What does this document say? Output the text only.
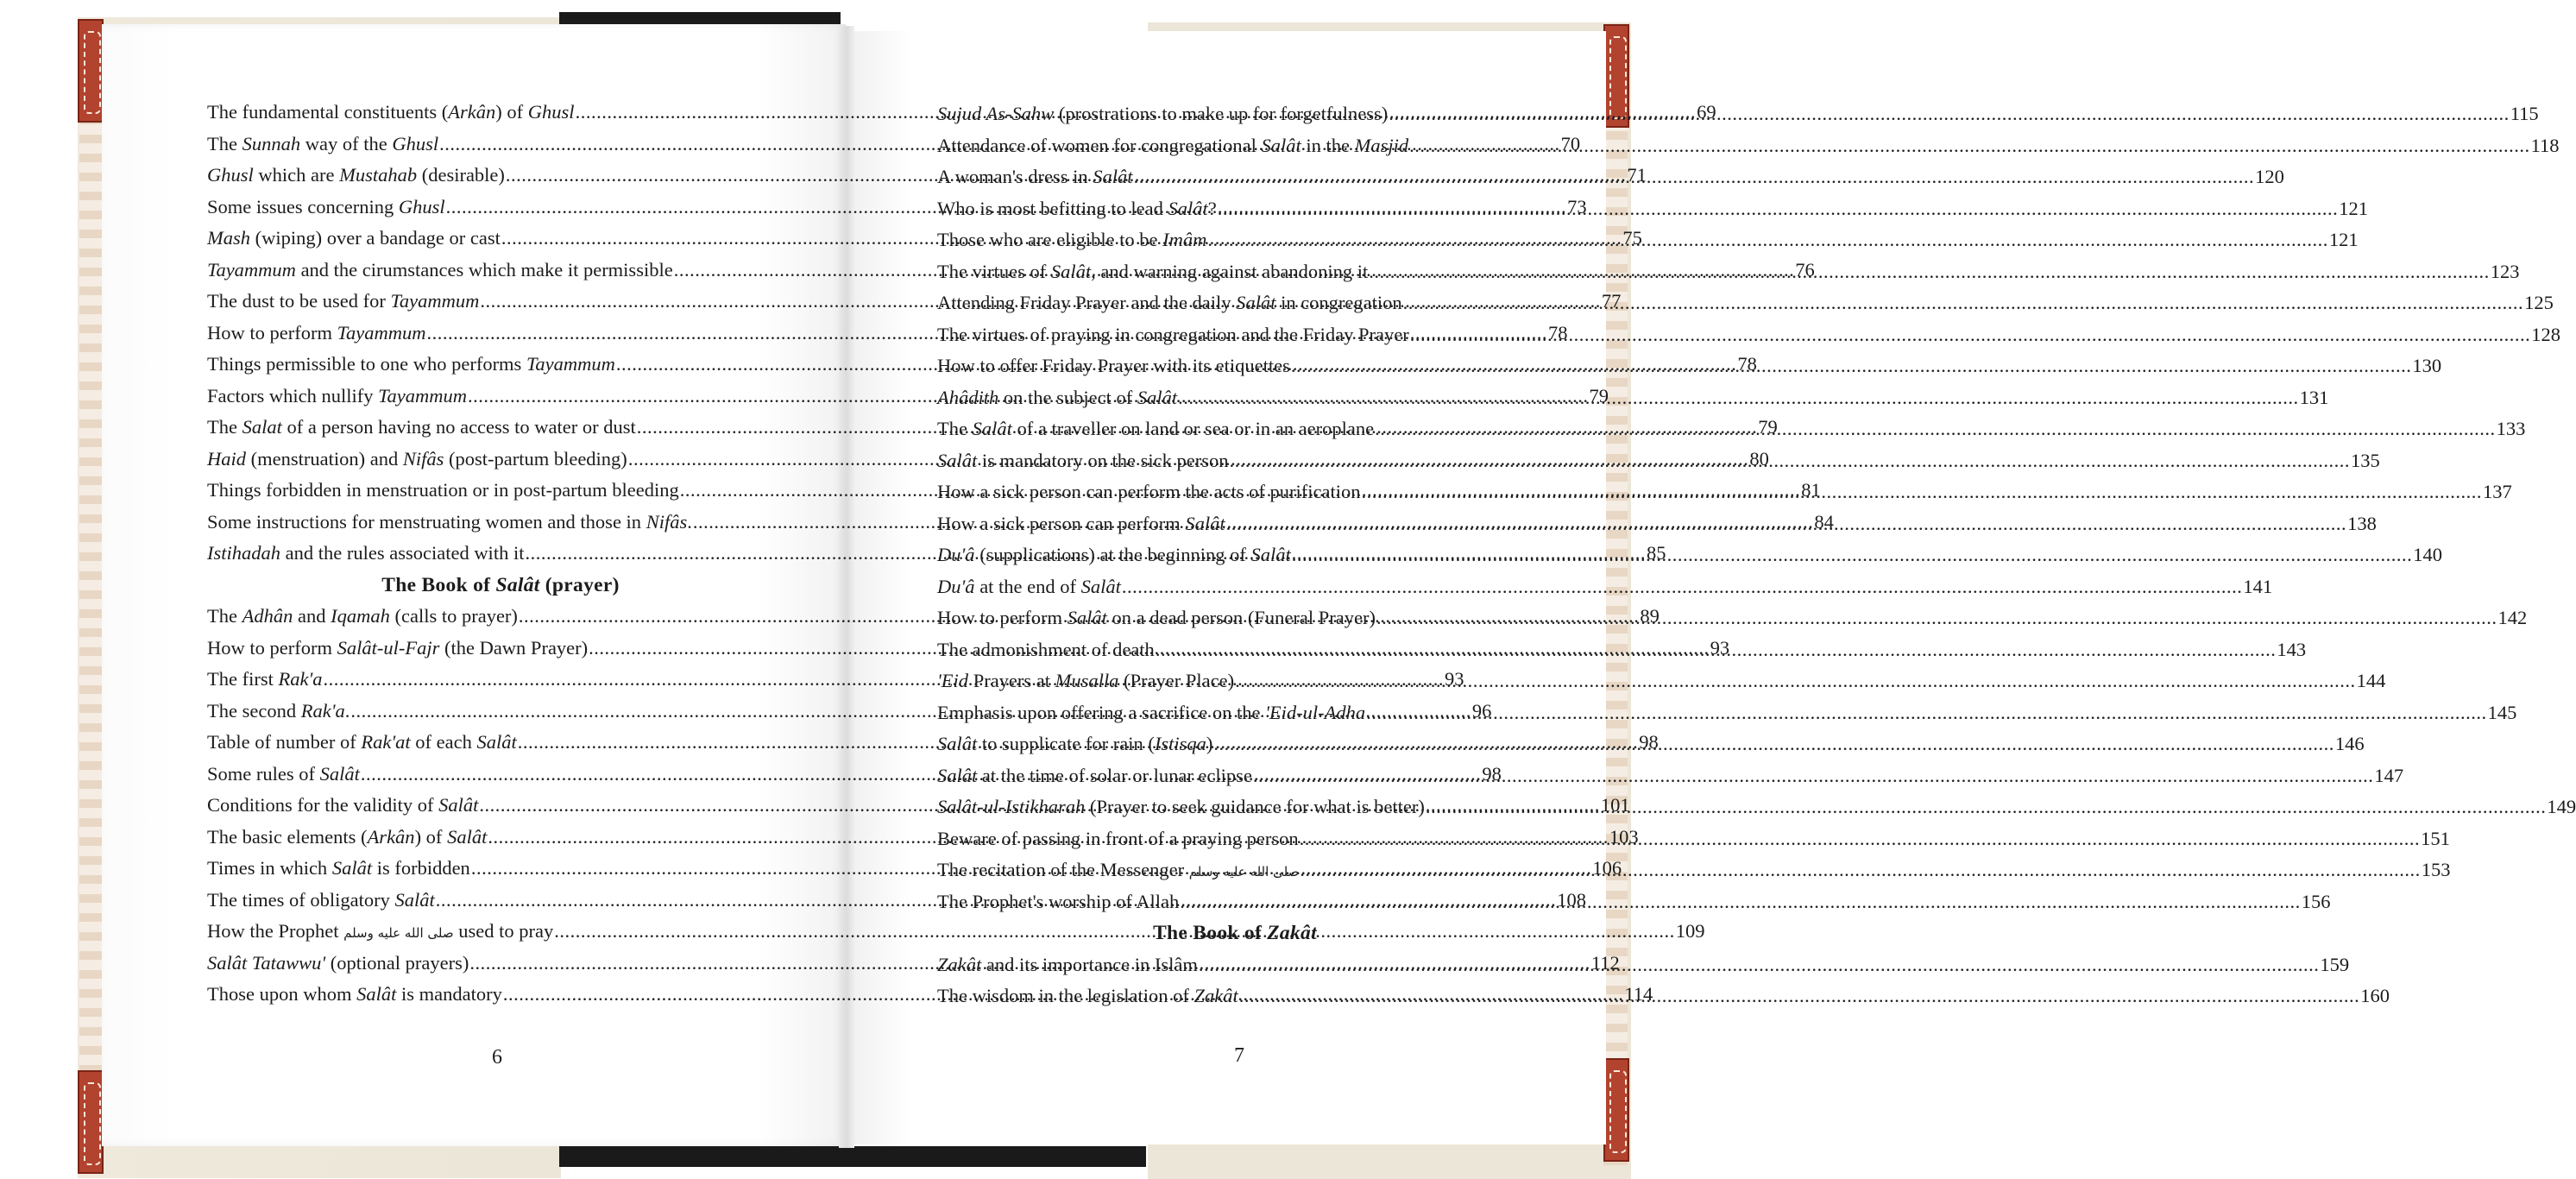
The fundamental constituents (Arkân) of Ghusl .....	69
The Sunnah way of the Ghusl .....	70
Ghusl which are Mustahab (desirable) .....	71
Some issues concerning Ghusl .....	73
Mash (wiping) over a bandage or cast .....	75
Tayammum and the cirumstances which make it permissible .....	76
The dust to be used for Tayammum .....	77
How to perform Tayammum .....	78
Things permissible to one who performs Tayammum .....	78
Factors which nullify Tayammum .....	79
The Salat of a person having no access to water or dust .....	79
Haid (menstruation) and Nifâs (post-partum bleeding) .....	80
Things forbidden in menstruation or in post-partum bleeding .....	81
Some instructions for menstruating women and those in Nifâs. .....	84
Istihadah and the rules associated with it .....	85
The Book of Salât (prayer)
The Adhân and Iqamah (calls to prayer) .....	89
How to perform Salât-ul-Fajr (the Dawn Prayer) .....	93
The first Rak'a .....	93
The second Rak'a. .....	96
Table of number of Rak'at of each Salât .....	98
Some rules of Salât .....	98
Conditions for the validity of Salât .....	101
The basic elements (Arkân) of Salât .....	103
Times in which Salât is forbidden .....	106
The times of obligatory Salât .....	108
How the Prophet صلى الله عليه وسلم used to pray .....	109
Salât Tatawwu' (optional prayers) .....	112
Those upon whom Salât is mandatory .....	114
Sujud As-Sahw (prostrations to make up for forgetfulness) .....	115
Attendance of women for congregational Salât in the Masjid .....	118
A woman's dress in Salât .....	120
Who is most befitting to lead Salât? .....	121
Those who are eligible to be Imâm .....	121
The virtues of Salât, and warning against abandoning it .....	123
Attending Friday Prayer and the daily Salât in congregation .....	125
The virtues of praying in congregation and the Friday Prayer .....	128
How to offer Friday Prayer with its etiquettes .....	130
Ahâdith on the subject of Salât .....	131
The Salât of a traveller on land or sea or in an aeroplane .....	133
Salât is mandatory on the sick person .....	135
How a sick person can perform the acts of purification .....	137
How a sick person can perform Salât .....	138
Du'â (supplications) at the beginning of Salât .....	140
Du'â at the end of Salât .....	141
How to perform Salât on a dead person (Funeral Prayer) .....	142
The admonishment of death .....	143
'Eid Prayers at Musalla (Prayer Place) .....	144
Emphasis upon offering a sacrifice on the 'Eid-ul-Adha .....	145
Salât to supplicate for rain (Istisqa) .....	146
Salât at the time of solar or lunar eclipse .....	147
Salât-ul-Istikharah (Prayer to seek guidance for what is better) .....	149
Beware of passing in front of a praying person .....	151
The recitation of the Messenger صلى الله عليه وسلم .....	153
The Prophet's worship of Allah .....	156
The Book of Zakât
Zakât and its importance in Islâm .....	159
The wisdom in the legislation of Zakât .....	160
6	7
